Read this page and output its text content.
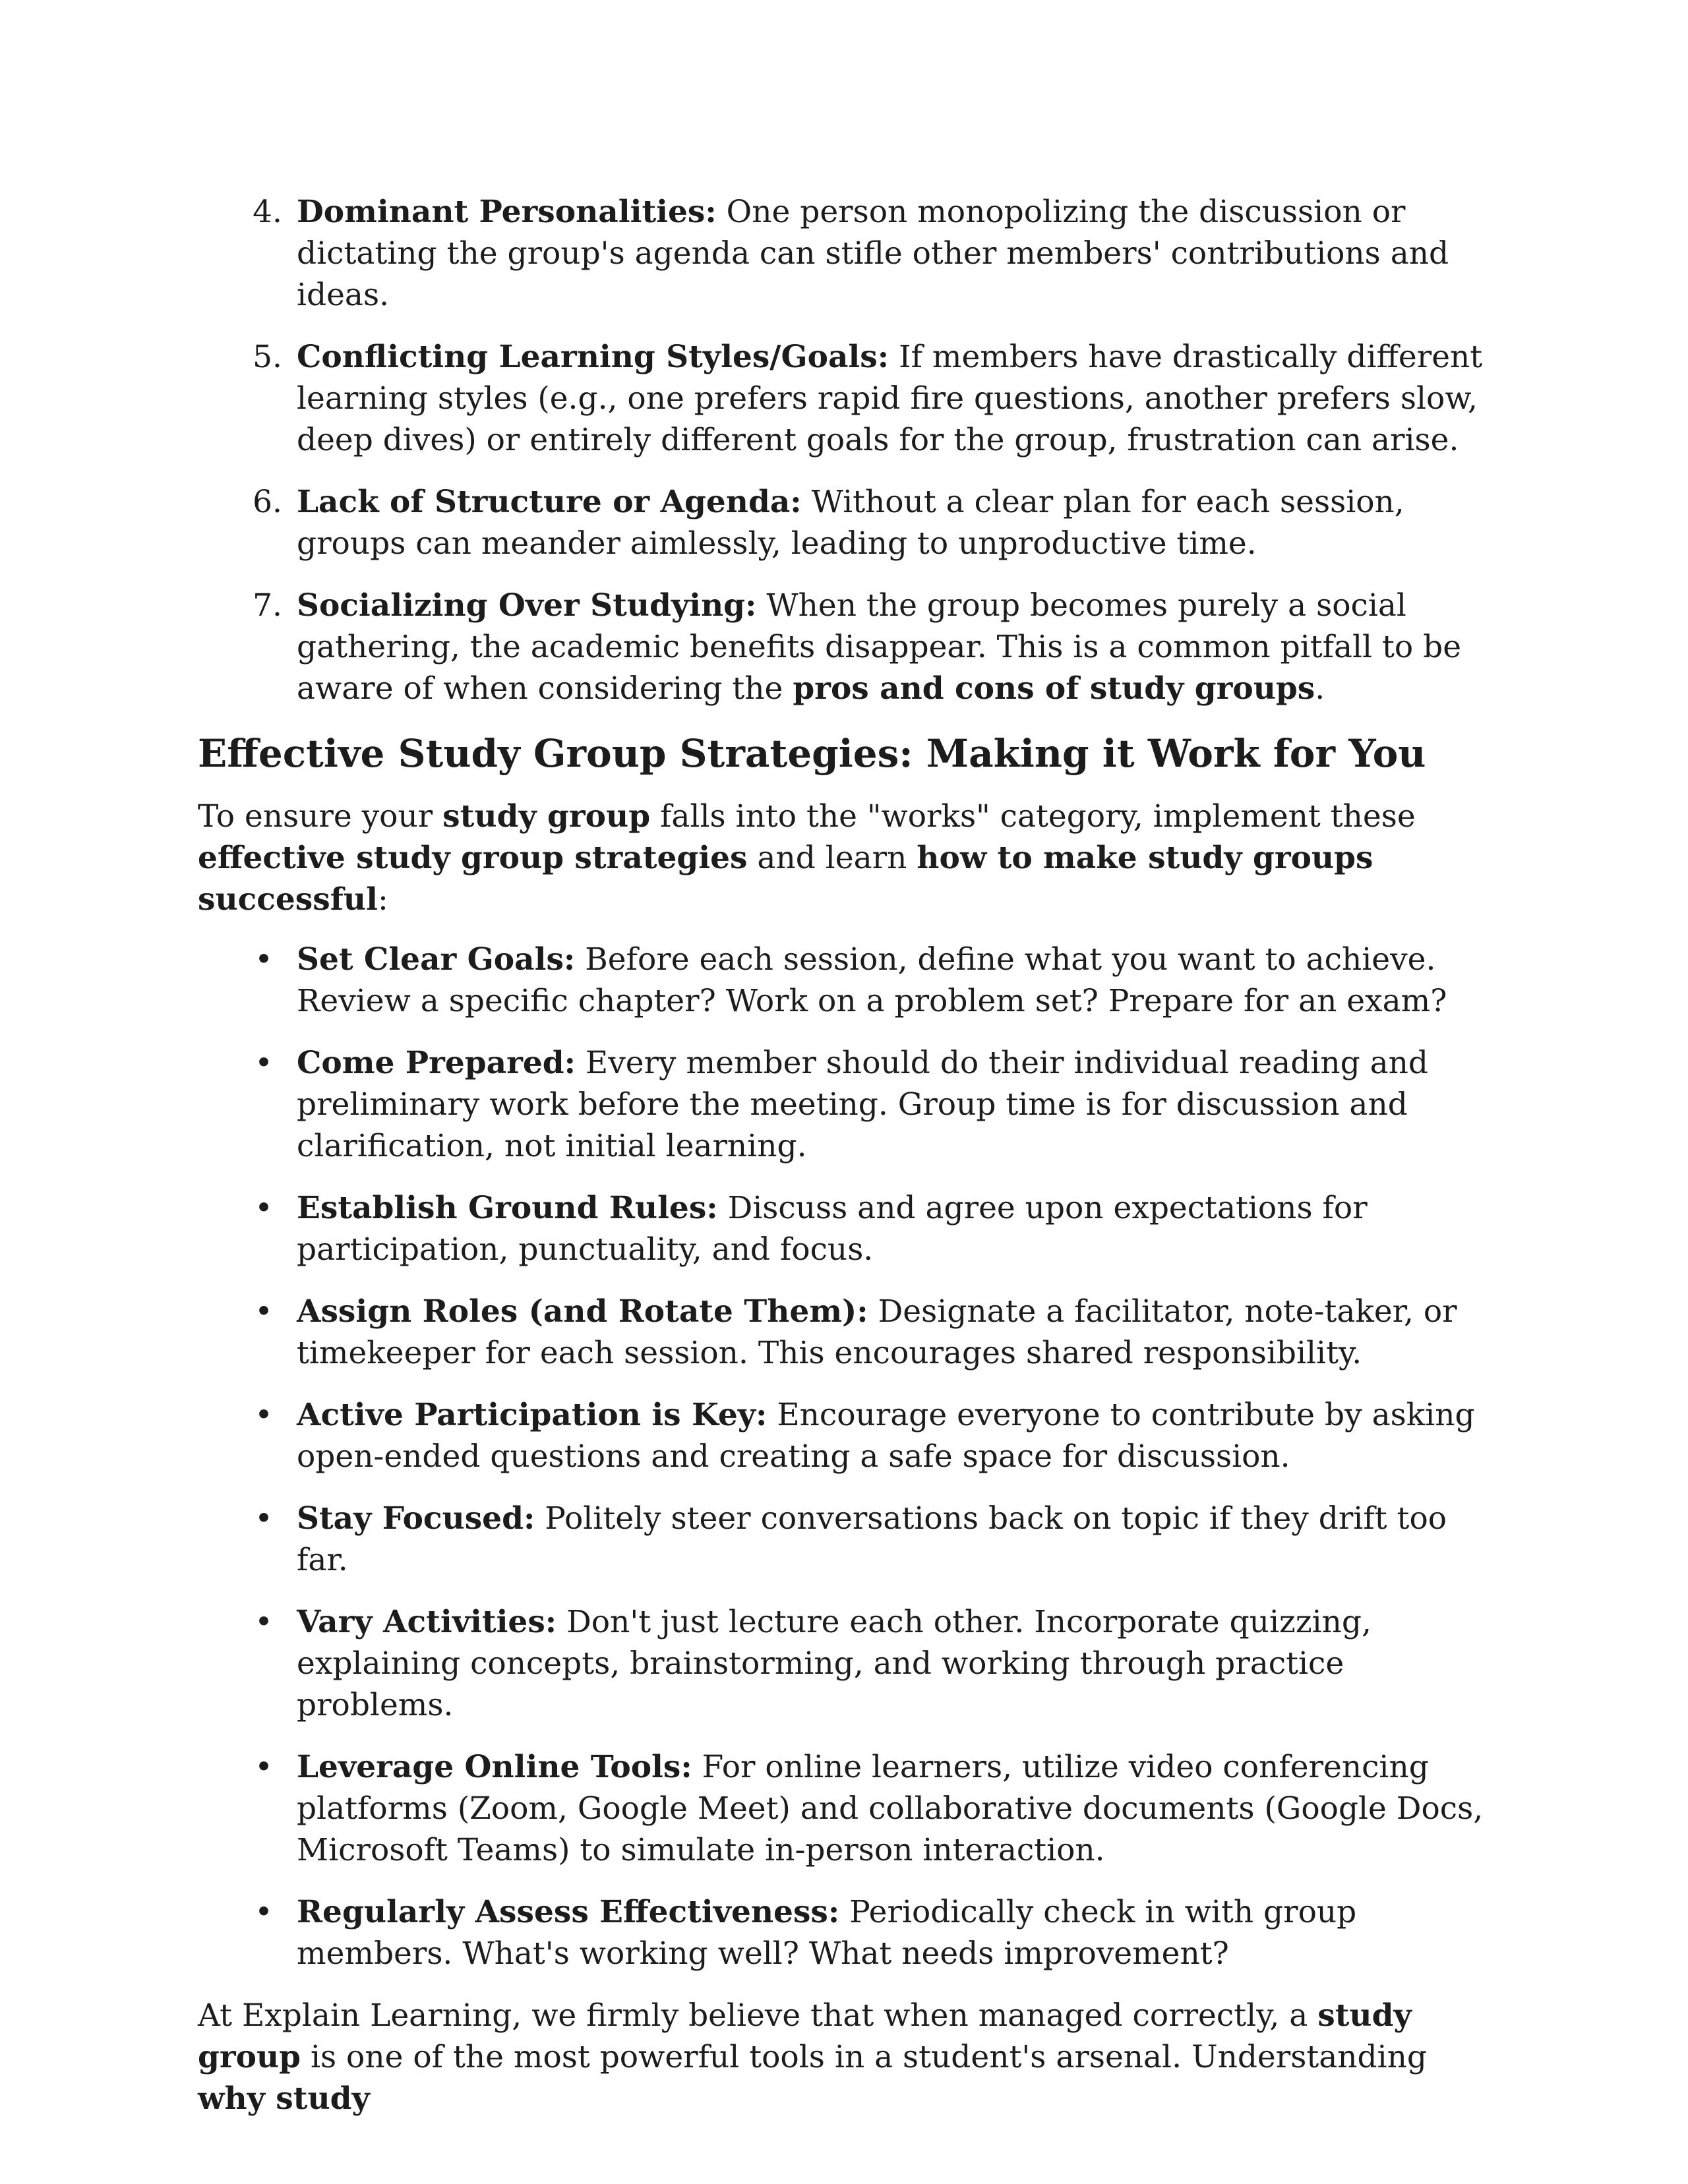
4. Dominant Personalities: One person monopolizing the discussion or dictating the group's agenda can stifle other members' contributions and ideas.
5. Conflicting Learning Styles/Goals: If members have drastically different learning styles (e.g., one prefers rapid fire questions, another prefers slow, deep dives) or entirely different goals for the group, frustration can arise.
6. Lack of Structure or Agenda: Without a clear plan for each session, groups can meander aimlessly, leading to unproductive time.
7. Socializing Over Studying: When the group becomes purely a social gathering, the academic benefits disappear. This is a common pitfall to be aware of when considering the pros and cons of study groups.
Effective Study Group Strategies: Making it Work for You

To ensure your study group falls into the "works" category, implement these effective study group strategies and learn how to make study groups successful:

• Set Clear Goals: Before each session, define what you want to achieve. Review a specific chapter? Work on a problem set? Prepare for an exam?
• Come Prepared: Every member should do their individual reading and preliminary work before the meeting. Group time is for discussion and clarification, not initial learning.
• Establish Ground Rules: Discuss and agree upon expectations for participation, punctuality, and focus.
• Assign Roles (and Rotate Them): Designate a facilitator, note-taker, or timekeeper for each session. This encourages shared responsibility.
• Active Participation is Key: Encourage everyone to contribute by asking open-ended questions and creating a safe space for discussion.
• Stay Focused: Politely steer conversations back on topic if they drift too far.
• Vary Activities: Don't just lecture each other. Incorporate quizzing, explaining concepts, brainstorming, and working through practice problems.
• Leverage Online Tools: For online learners, utilize video conferencing platforms (Zoom, Google Meet) and collaborative documents (Google Docs, Microsoft Teams) to simulate in-person interaction.
• Regularly Assess Effectiveness: Periodically check in with group members. What's working well? What needs improvement?

At Explain Learning, we firmly believe that when managed correctly, a study group is one of the most powerful tools in a student's arsenal. Understanding why study
